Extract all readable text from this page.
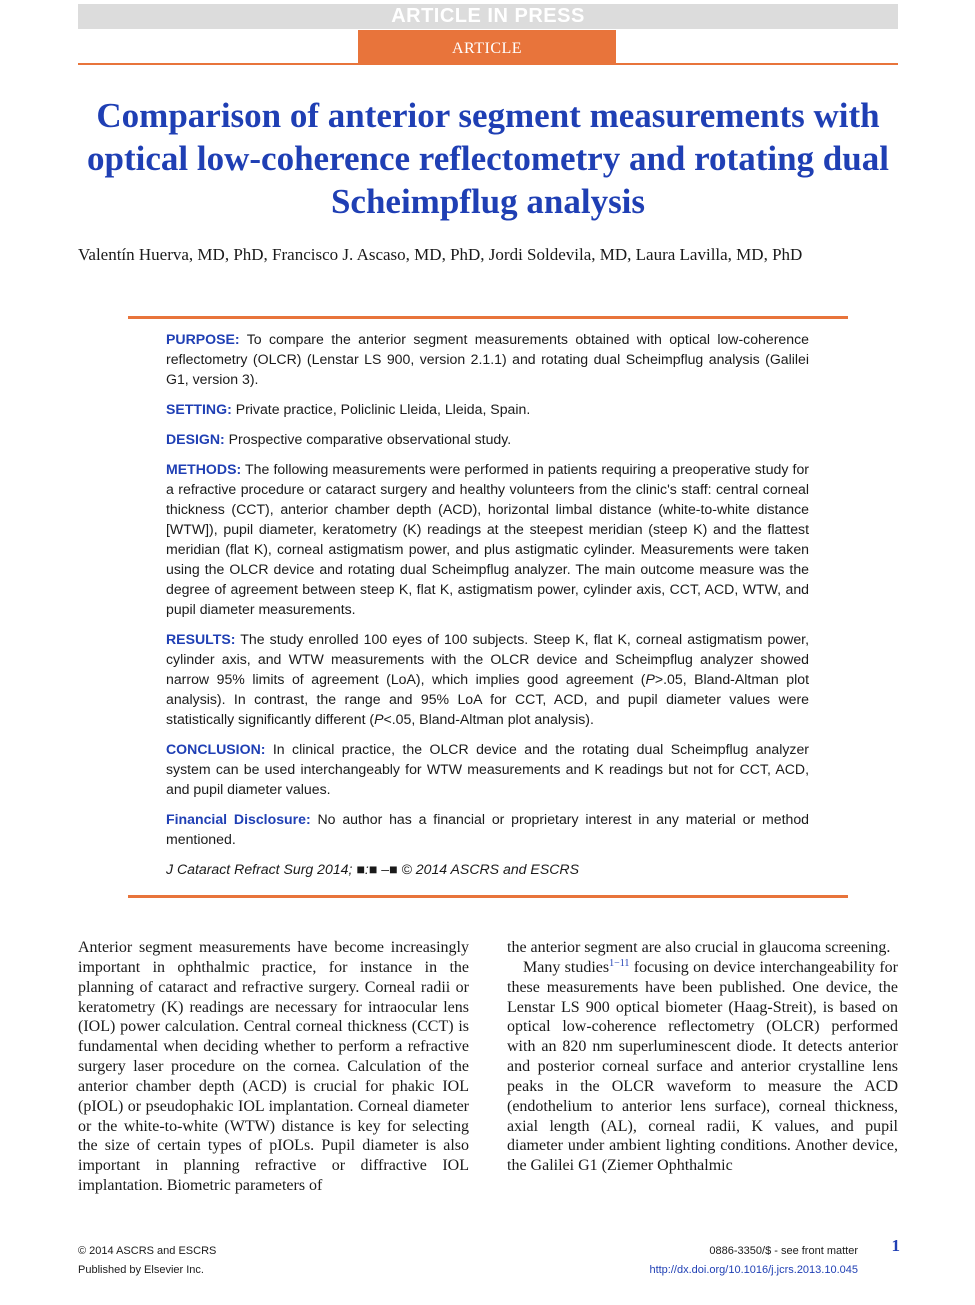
ARTICLE IN PRESS
ARTICLE
Comparison of anterior segment measurements with optical low-coherence reflectometry and rotating dual Scheimpflug analysis
Valentín Huerva, MD, PhD, Francisco J. Ascaso, MD, PhD, Jordi Soldevila, MD, Laura Lavilla, MD, PhD

PURPOSE: To compare the anterior segment measurements obtained with optical low-coherence reflectometry (OLCR) (Lenstar LS 900, version 2.1.1) and rotating dual Scheimpflug analysis (Galilei G1, version 3).

SETTING: Private practice, Policlinic Lleida, Lleida, Spain.

DESIGN: Prospective comparative observational study.

METHODS: The following measurements were performed in patients requiring a preoperative study for a refractive procedure or cataract surgery and healthy volunteers from the clinic's staff: central corneal thickness (CCT), anterior chamber depth (ACD), horizontal limbal distance (white-to-white distance [WTW]), pupil diameter, keratometry (K) readings at the steepest meridian (steep K) and the flattest meridian (flat K), corneal astigmatism power, and plus astigmatic cylinder. Measurements were taken using the OLCR device and rotating dual Scheimpflug analyzer. The main outcome measure was the degree of agreement between steep K, flat K, astigmatism power, cylinder axis, CCT, ACD, WTW, and pupil diameter measurements.

RESULTS: The study enrolled 100 eyes of 100 subjects. Steep K, flat K, corneal astigmatism power, cylinder axis, and WTW measurements with the OLCR device and Scheimpflug analyzer showed narrow 95% limits of agreement (LoA), which implies good agreement (P>.05, Bland-Altman plot analysis). In contrast, the range and 95% LoA for CCT, ACD, and pupil diameter values were statistically significantly different (P<.05, Bland-Altman plot analysis).

CONCLUSION: In clinical practice, the OLCR device and the rotating dual Scheimpflug analyzer system can be used interchangeably for WTW measurements and K readings but not for CCT, ACD, and pupil diameter values.

Financial Disclosure: No author has a financial or proprietary interest in any material or method mentioned.

J Cataract Refract Surg 2014; ■:■ –■ © 2014 ASCRS and ESCRS

Anterior segment measurements have become increasingly important in ophthalmic practice, for instance in the planning of cataract and refractive surgery. Corneal radii or keratometry (K) readings are necessary for intraocular lens (IOL) power calculation. Central corneal thickness (CCT) is fundamental when deciding whether to perform a refractive surgery laser procedure on the cornea. Calculation of the anterior chamber depth (ACD) is crucial for phakic IOL (pIOL) or pseudophakic IOL implantation. Corneal diameter or the white-to-white (WTW) distance is key for selecting the size of certain types of pIOLs. Pupil diameter is also important in planning refractive or diffractive IOL implantation. Biometric parameters of

the anterior segment are also crucial in glaucoma screening.

Many studies$^{1-11}$ focusing on device interchangeability for these measurements have been published. One device, the Lenstar LS 900 optical biometer (Haag-Streit), is based on optical low-coherence reflectometry (OLCR) performed with an 820 nm superluminescent diode. It detects anterior and posterior corneal surface and anterior crystalline lens peaks in the OLCR waveform to measure the ACD (endothelium to anterior lens surface), corneal thickness, axial length (AL), corneal radii, K values, and pupil diameter under ambient lighting conditions. Another device, the Galilei G1 (Ziemer Ophthalmic

© 2014 ASCRS and ESCRS
Published by Elsevier Inc.
0886-3350/$ - see front matter
http://dx.doi.org/10.1016/j.jcrs.2013.10.045
1
